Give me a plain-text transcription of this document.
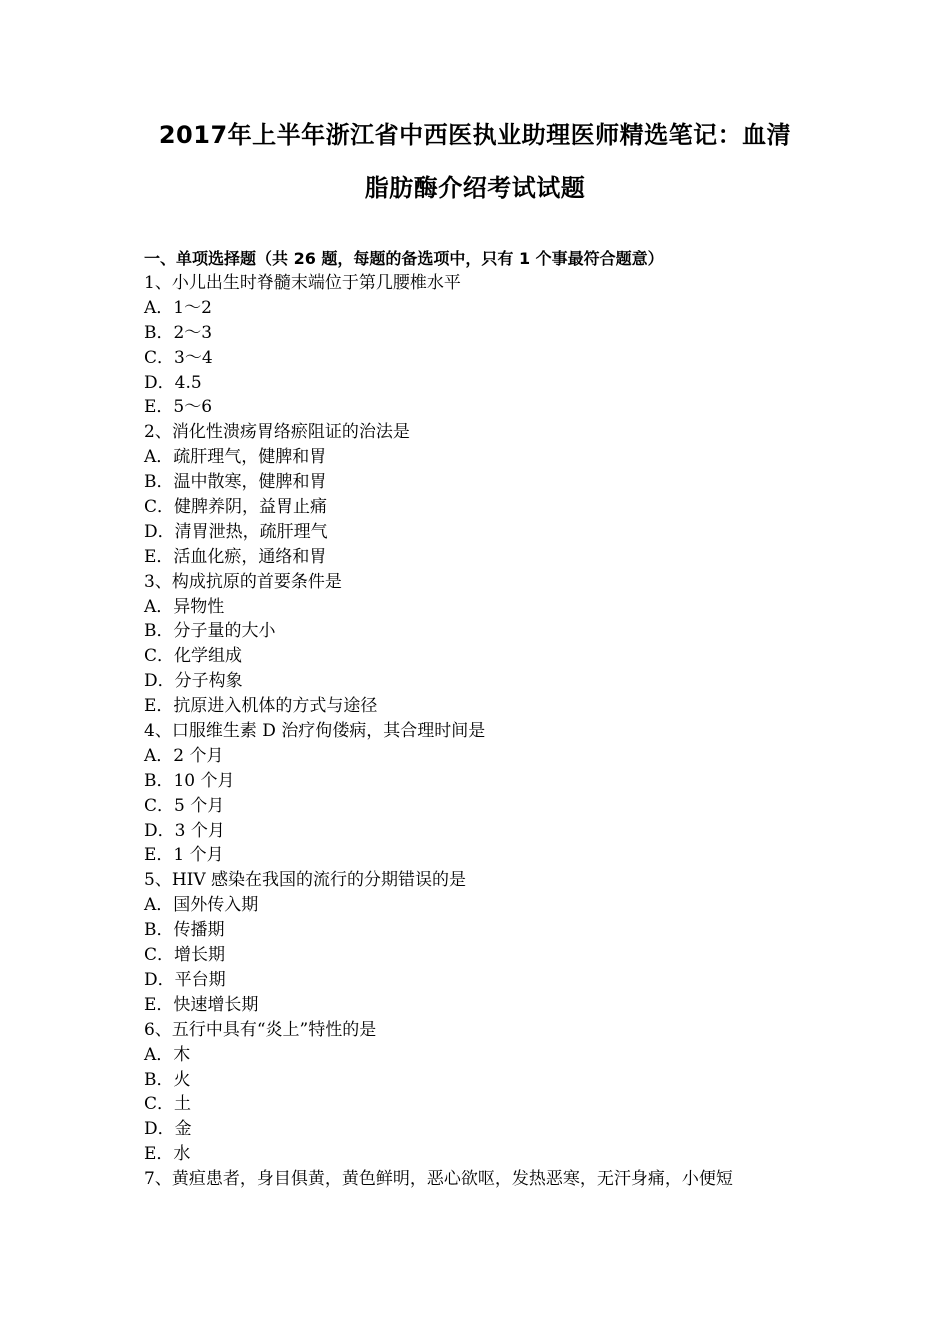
2017年上半年浙江省中西医执业助理医师精选笔记：血清
脂肪酶介绍考试试题
一、单项选择题（共 26 题，每题的备选项中，只有 1 个事最符合题意）
1、小儿出生时脊髓末端位于第几腰椎水平
A．1～2
B．2～3
C．3～4
D．4.5
E．5～6
2、消化性溃疡胃络瘀阻证的治法是
A．疏肝理气，健脾和胃
B．温中散寒，健脾和胃
C．健脾养阴，益胃止痛
D．清胃泄热，疏肝理气
E．活血化瘀，通络和胃
3、构成抗原的首要条件是
A．异物性
B．分子量的大小
C．化学组成
D．分子构象
E．抗原进入机体的方式与途径
4、口服维生素 D 治疗佝偻病，其合理时间是
A．2 个月
B．10 个月
C．5 个月
D．3 个月
E．1 个月
5、HIV 感染在我国的流行的分期错误的是
A．国外传入期
B．传播期
C．增长期
D．平台期
E．快速增长期
6、五行中具有“炎上”特性的是
A．木
B．火
C．土
D．金
E．水
7、黄疸患者，身目俱黄，黄色鲜明，恶心欲呕，发热恶寒，无汗身痛，小便短
